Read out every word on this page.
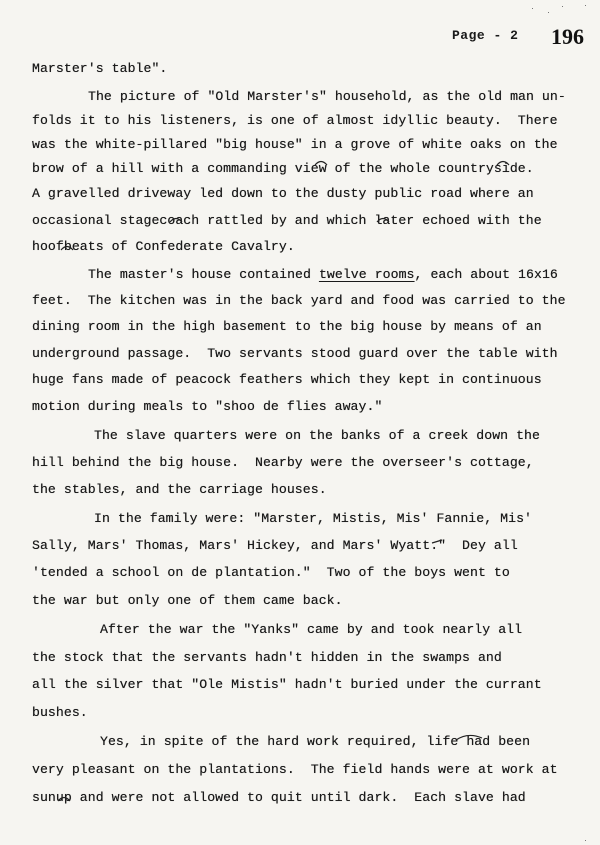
Page - 2 196
Marster's table".
The picture of "Old Marster's" household, as the old man un-
folds it to his listeners, is one of almost idyllic beauty.  There
was the white-pillared "big house" in a grove of white oaks on the
brow of a hill with a commanding view of the whole countryside.
A gravelled driveway led down to the dusty public road where an
occasional stagecoach rattled by and which later echoed with the
hoofbeats of Confederate Cavalry.
The master's house contained twelve rooms, each about 16x16
feet.  The kitchen was in the back yard and food was carried to the
dining room in the high basement to the big house by means of an
underground passage.  Two servants stood guard over the table with
huge fans made of peacock feathers which they kept in continuous
motion during meals to "shoo de flies away."
The slave quarters were on the banks of a creek down the
hill behind the big house.  Nearby were the overseer's cottage,
the stables, and the carriage houses.
In the family were: "Marster, Mistis, Mis' Fannie, Mis'
Sally, Mars' Thomas, Mars' Hickey, and Mars' Wyatt."  Dey all
'tended a school on de plantation."  Two of the boys went to
the war but only one of them came back.
After the war the "Yanks" came by and took nearly all
the stock that the servants hadn't hidden in the swamps and
all the silver that "Ole Mistis" hadn't buried under the currant
bushes.
Yes, in spite of the hard work required, life had been
very pleasant on the plantations.  The field hands were at work at
sunup and were not allowed to quit until dark.  Each slave had
